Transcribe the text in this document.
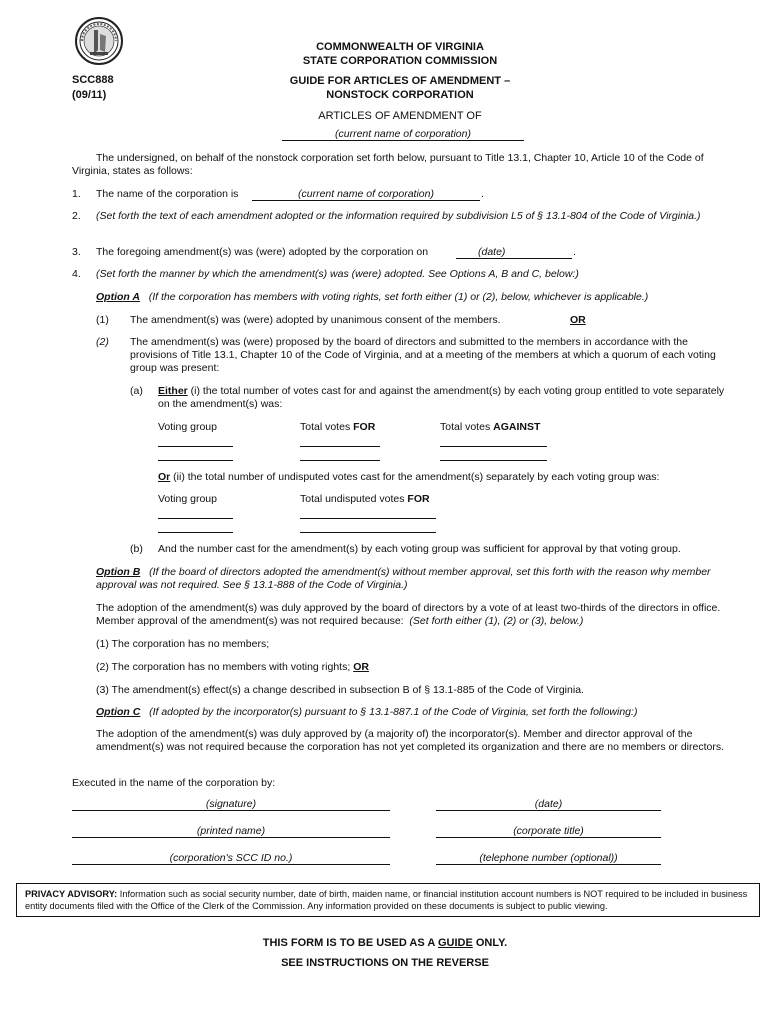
COMMONWEALTH OF VIRGINIA
STATE CORPORATION COMMISSION
SCC888
(09/11)
GUIDE FOR ARTICLES OF AMENDMENT –
NONSTOCK CORPORATION
ARTICLES OF AMENDMENT OF
(current name of corporation)
The undersigned, on behalf of the nonstock corporation set forth below, pursuant to Title 13.1, Chapter 10, Article 10 of the Code of Virginia, states as follows:
1. The name of the corporation is	(current name of corporation)	.
2. (Set forth the text of each amendment adopted or the information required by subdivision L5 of § 13.1-804 of the Code of Virginia.)
3. The foregoing amendment(s) was (were) adopted by the corporation on	(date)	.
4. (Set forth the manner by which the amendment(s) was (were) adopted. See Options A, B and C, below:)
Option A (If the corporation has members with voting rights, set forth either (1) or (2), below, whichever is applicable.)
(1) The amendment(s) was (were) adopted by unanimous consent of the members.	OR
(2) The amendment(s) was (were) proposed by the board of directors and submitted to the members in accordance with the provisions of Title 13.1, Chapter 10 of the Code of Virginia, and at a meeting of the members at which a quorum of each voting group was present:
(a) Either (i) the total number of votes cast for and against the amendment(s) by each voting group entitled to vote separately on the amendment(s) was:
Voting group	Total votes FOR	Total votes AGAINST
Or (ii) the total number of undisputed votes cast for the amendment(s) separately by each voting group was:
Voting group	Total undisputed votes FOR
(b) And the number cast for the amendment(s) by each voting group was sufficient for approval by that voting group.
Option B (If the board of directors adopted the amendment(s) without member approval, set this forth with the reason why member approval was not required. See § 13.1-888 of the Code of Virginia.)
The adoption of the amendment(s) was duly approved by the board of directors by a vote of at least two-thirds of the directors in office. Member approval of the amendment(s) was not required because: (Set forth either (1), (2) or (3), below.)
(1) The corporation has no members;
(2) The corporation has no members with voting rights; OR
(3) The amendment(s) effect(s) a change described in subsection B of § 13.1-885 of the Code of Virginia.
Option C (If adopted by the incorporator(s) pursuant to § 13.1-887.1 of the Code of Virginia, set forth the following:)
The adoption of the amendment(s) was duly approved by (a majority of) the incorporator(s). Member and director approval of the amendment(s) was not required because the corporation has not yet completed its organization and there are no members or directors.
Executed in the name of the corporation by:
(signature)	(date)
(printed name)	(corporate title)
(corporation's SCC ID no.)	(telephone number (optional))
PRIVACY ADVISORY: Information such as social security number, date of birth, maiden name, or financial institution account numbers is NOT required to be included in business entity documents filed with the Office of the Clerk of the Commission. Any information provided on these documents is subject to public viewing.
THIS FORM IS TO BE USED AS A GUIDE ONLY.
SEE INSTRUCTIONS ON THE REVERSE
